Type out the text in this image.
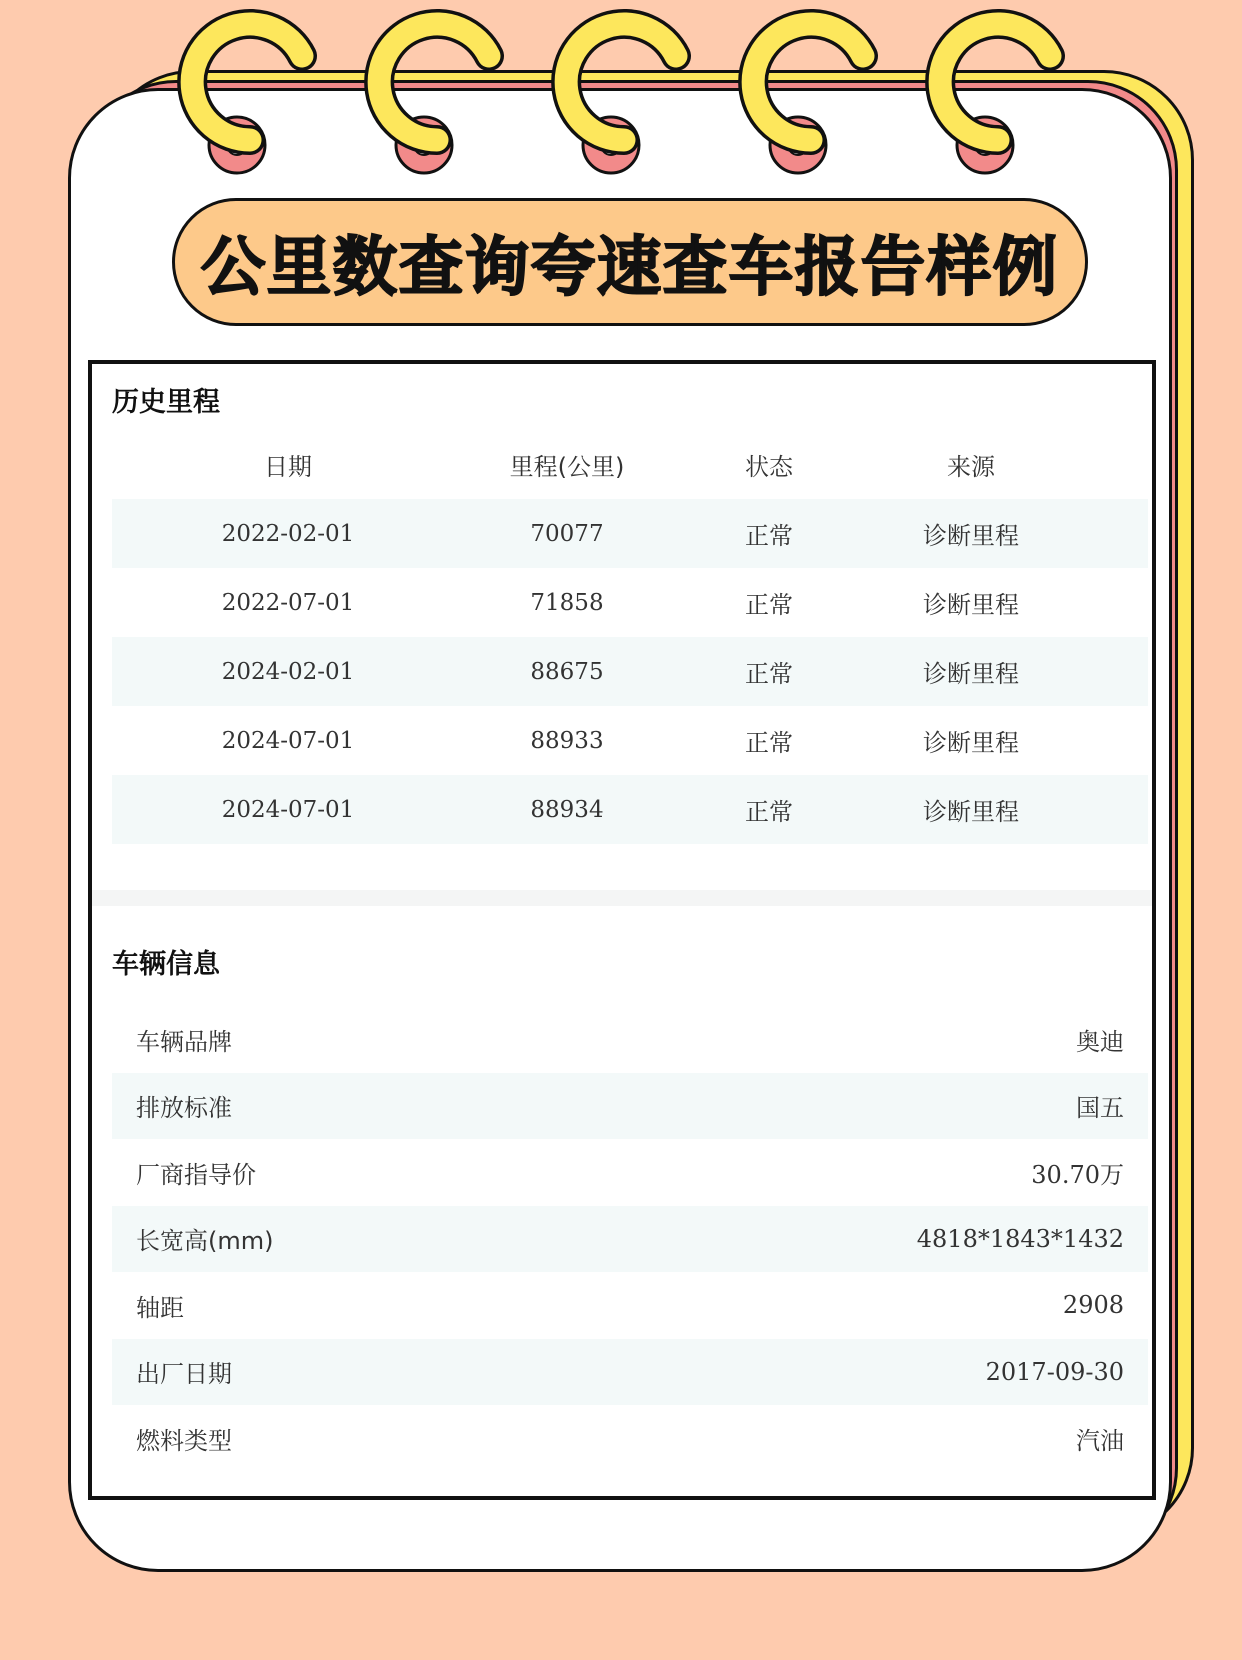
公里数查询夸速查车报告样例
历史里程
日期	里程(公里)	状态	来源
2022-02-01	70077	正常	诊断里程
2022-07-01	71858	正常	诊断里程
2024-02-01	88675	正常	诊断里程
2024-07-01	88933	正常	诊断里程
2024-07-01	88934	正常	诊断里程
车辆信息
车辆品牌	奥迪
排放标准	国五
厂商指导价	30.70万
长宽高(mm)	4818*1843*1432
轴距	2908
出厂日期	2017-09-30
燃料类型	汽油
